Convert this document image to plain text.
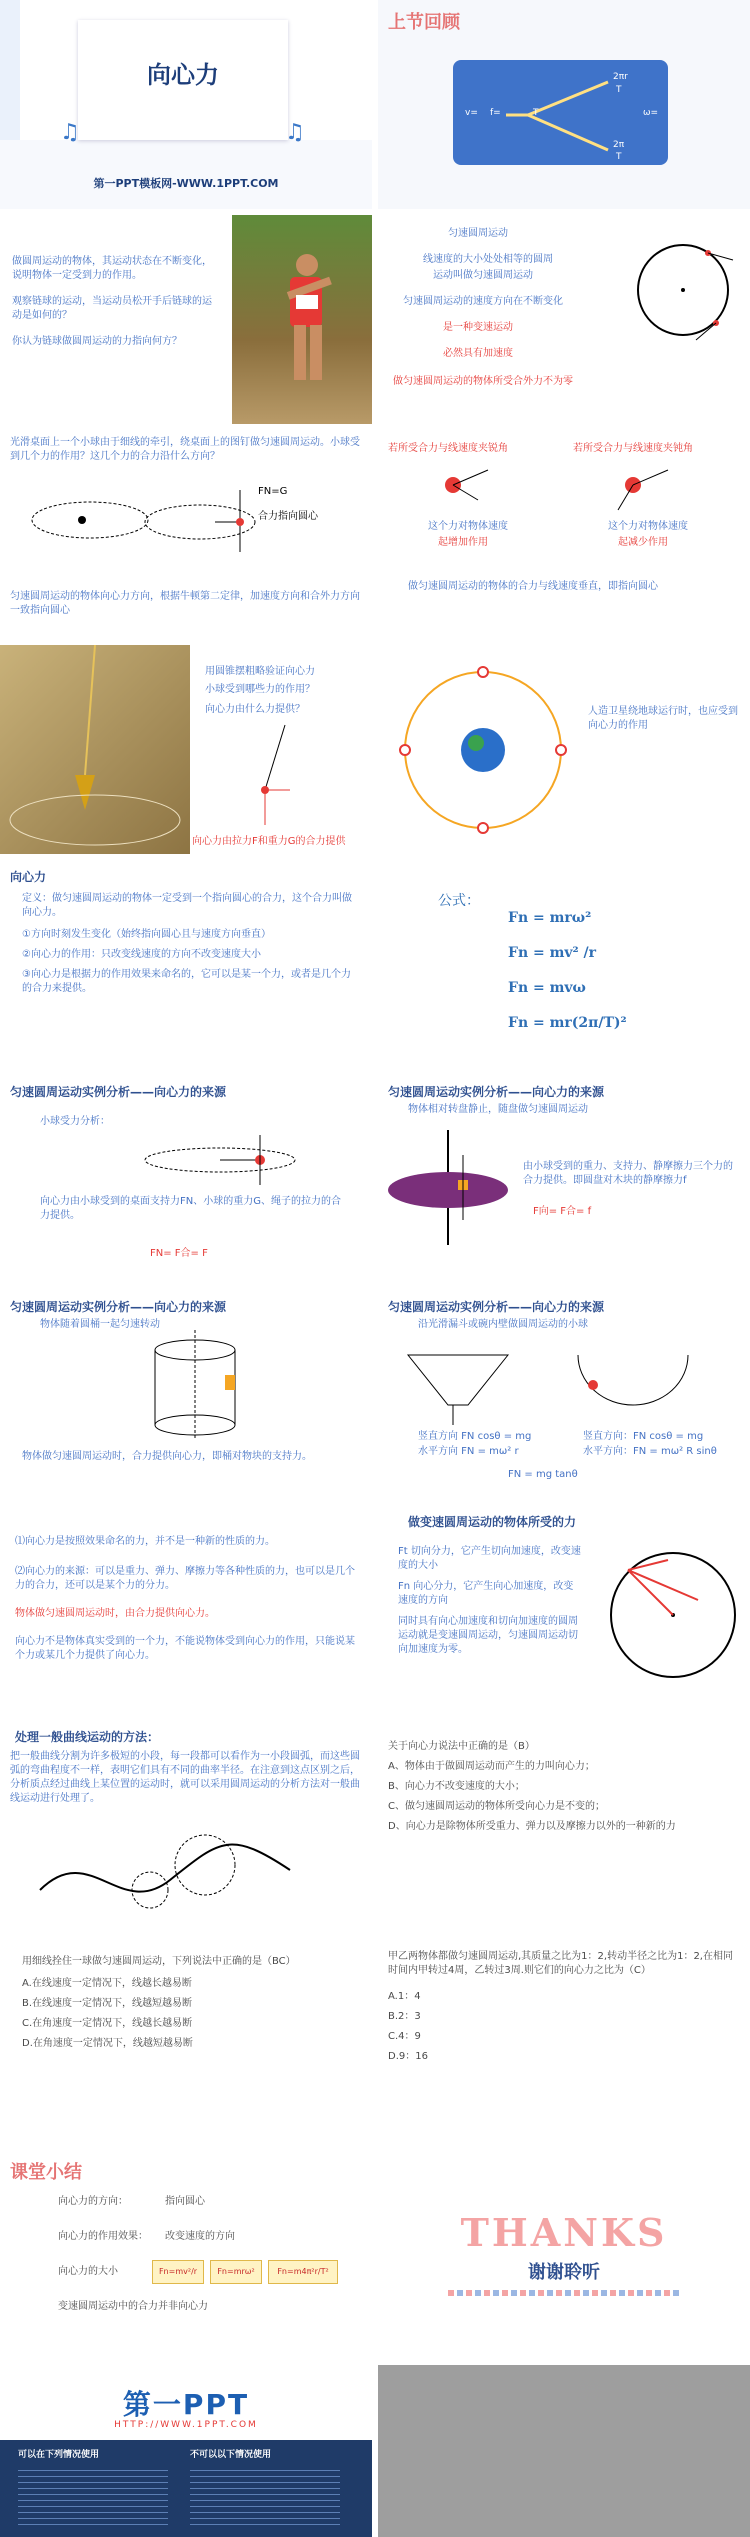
向心力
♫	♫
第一PPT模板网-WWW.1PPT.COM
上节回顾
v= f=	T
2πr
T
2π
T
ω=
做圆周运动的物体，其运动状态在不断变化，说明物体一定受到力的作用。
观察链球的运动，当运动员松开手后链球的运动是如何的？
你认为链球做圆周运动的力指向何方？
匀速圆周运动
线速度的大小处处相等的圆周
运动叫做匀速圆周运动
匀速圆周运动的速度方向在不断变化
是一种变速运动
必然具有加速度
做匀速圆周运动的物体所受合外力不为零
光滑桌面上一个小球由于细线的牵引，绕桌面上的图钉做匀速圆周运动。小球受到几个力的作用？这几个力的合力沿什么方向？
FN=G
合力指向圆心
匀速圆周运动的物体向心力方向，根据牛顿第二定律，加速度方向和合外力方向一致指向圆心
若所受合力与线速度夹锐角	若所受合力与线速度夹钝角
这个力对物体速度
起增加作用
这个力对物体速度
起减少作用
做匀速圆周运动的物体的合力与线速度垂直，即指向圆心
用圆锥摆粗略验证向心力
小球受到哪些力的作用？
向心力由什么力提供？
向心力由拉力F和重力G的合力提供
人造卫星绕地球运行时，也应受到向心力的作用
向心力
定义：做匀速圆周运动的物体一定受到一个指向圆心的合力，这个合力叫做向心力。
①方向时刻发生变化（始终指向圆心且与速度方向垂直）
②向心力的作用：只改变线速度的方向不改变速度大小
③向心力是根据力的作用效果来命名的，它可以是某一个力，或者是几个力的合力来提供。
公式：
Fn = mrω²
Fn = mv² /r
Fn = mvω
Fn = mr(2π/T)²
匀速圆周运动实例分析——向心力的来源
小球受力分析：
向心力由小球受到的桌面支持力FN、小球的重力G、绳子的拉力的合力提供。
FN= F合= F
匀速圆周运动实例分析——向心力的来源
物体相对转盘静止，随盘做匀速圆周运动
由小球受到的重力、支持力、静摩擦力三个力的合力提供。即圆盘对木块的静摩擦力f
F向= F合= f
匀速圆周运动实例分析——向心力的来源
物体随着圆桶一起匀速转动
物体做匀速圆周运动时，合力提供向心力，即桶对物块的支持力。
匀速圆周运动实例分析——向心力的来源
沿光滑漏斗或碗内壁做圆周运动的小球
竖直方向 FN cosθ = mg
水平方向 FN = mω² r
竖直方向：FN cosθ = mg
水平方向：FN = mω² R sinθ
FN = mg tanθ
⑴向心力是按照效果命名的力，并不是一种新的性质的力。
⑵向心力的来源：可以是重力、弹力、摩擦力等各种性质的力，也可以是几个力的合力，还可以是某个力的分力。
物体做匀速圆周运动时，由合力提供向心力。
向心力不是物体真实受到的一个力，不能说物体受到向心力的作用，只能说某个力或某几个力提供了向心力。
做变速圆周运动的物体所受的力
Ft 切向分力，它产生切向加速度，改变速度的大小
Fn 向心分力，它产生向心加速度，改变速度的方向
同时具有向心加速度和切向加速度的圆周运动就是变速圆周运动，匀速圆周运动切向加速度为零。
处理一般曲线运动的方法：
把一般曲线分割为许多极短的小段，每一段都可以看作为一小段圆弧，而这些圆弧的弯曲程度不一样，表明它们具有不同的曲率半径。在注意到这点区别之后，分析质点经过曲线上某位置的运动时，就可以采用圆周运动的分析方法对一般曲线运动进行处理了。
关于向心力说法中正确的是（B）
A、物体由于做圆周运动而产生的力叫向心力；
B、向心力不改变速度的大小；
C、做匀速圆周运动的物体所受向心力是不变的；
D、向心力是除物体所受重力、弹力以及摩擦力以外的一种新的力
用细线拴住一球做匀速圆周运动，下列说法中正确的是（BC）
A.在线速度一定情况下，线越长越易断
B.在线速度一定情况下，线越短越易断
C.在角速度一定情况下，线越长越易断
D.在角速度一定情况下，线越短越易断
甲乙两物体都做匀速圆周运动,其质量之比为1：2,转动半径之比为1：2,在相同时间内甲转过4周，乙转过3周.则它们的向心力之比为（C）
A.1：4
B.2：3
C.4：9
D.9：16
课堂小结
向心力的方向：	指向圆心
向心力的作用效果： 改变速度的方向
向心力的大小	Fn=mv²/r	Fn=mrω²	Fn=m4π²r/T²
变速圆周运动中的合力并非向心力
THANKS
谢谢聆听
第一PPT
HTTP://WWW.1PPT.COM
可以在下列情况使用	不可以以下情况使用
